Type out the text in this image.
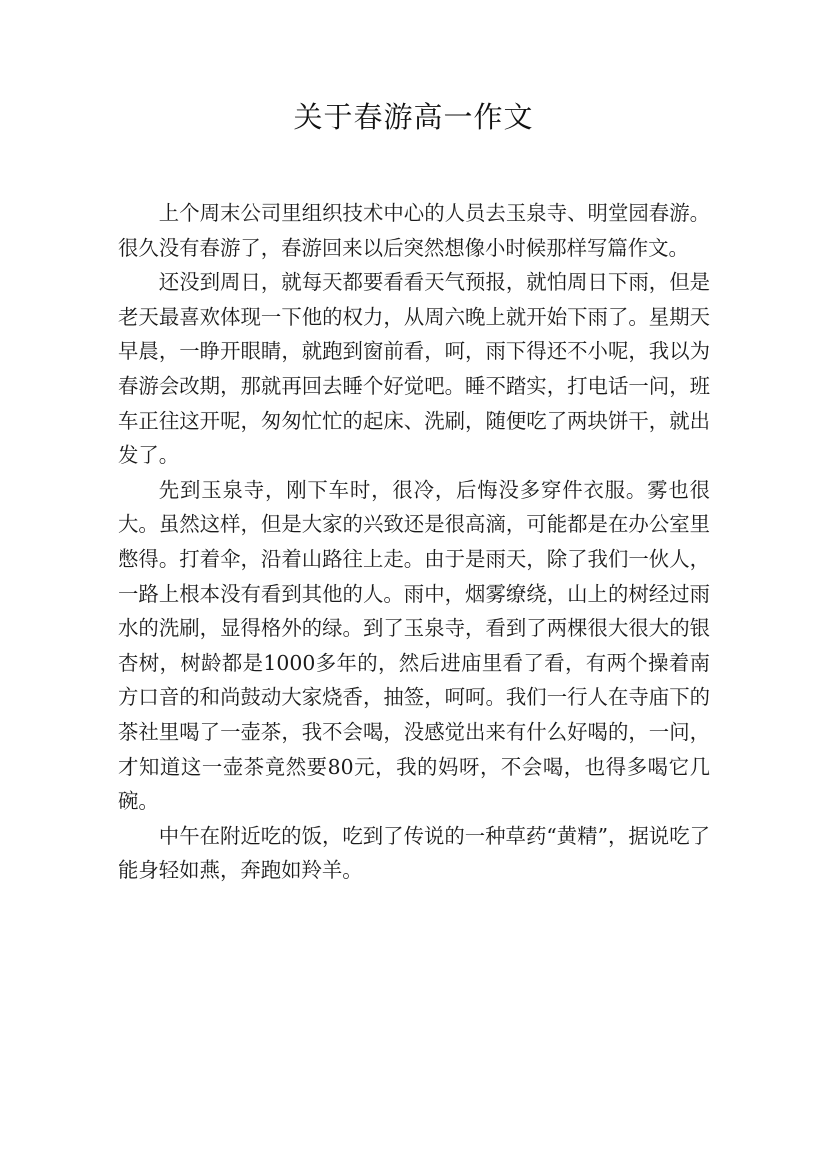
关于春游高一作文

上个周末公司里组织技术中心的人员去玉泉寺、明堂园春游。很久没有春游了，春游回来以后突然想像小时候那样写篇作文。

还没到周日，就每天都要看看天气预报，就怕周日下雨，但是老天最喜欢体现一下他的权力，从周六晚上就开始下雨了。星期天早晨，一睁开眼睛，就跑到窗前看，呵，雨下得还不小呢，我以为春游会改期，那就再回去睡个好觉吧。睡不踏实，打电话一问，班车正往这开呢，匆匆忙忙的起床、洗刷，随便吃了两块饼干，就出发了。

先到玉泉寺，刚下车时，很冷，后悔没多穿件衣服。雾也很大。虽然这样，但是大家的兴致还是很高滴，可能都是在办公室里憋得。打着伞，沿着山路往上走。由于是雨天，除了我们一伙人，一路上根本没有看到其他的人。雨中，烟雾缭绕，山上的树经过雨水的洗刷，显得格外的绿。到了玉泉寺，看到了两棵很大很大的银杏树，树龄都是1000多年的，然后进庙里看了看，有两个操着南方口音的和尚鼓动大家烧香，抽签，呵呵。我们一行人在寺庙下的茶社里喝了一壶茶，我不会喝，没感觉出来有什么好喝的，一问，才知道这一壶茶竟然要80元，我的妈呀，不会喝，也得多喝它几碗。

中午在附近吃的饭，吃到了传说的一种草药“黄精”，据说吃了能身轻如燕，奔跑如羚羊。
